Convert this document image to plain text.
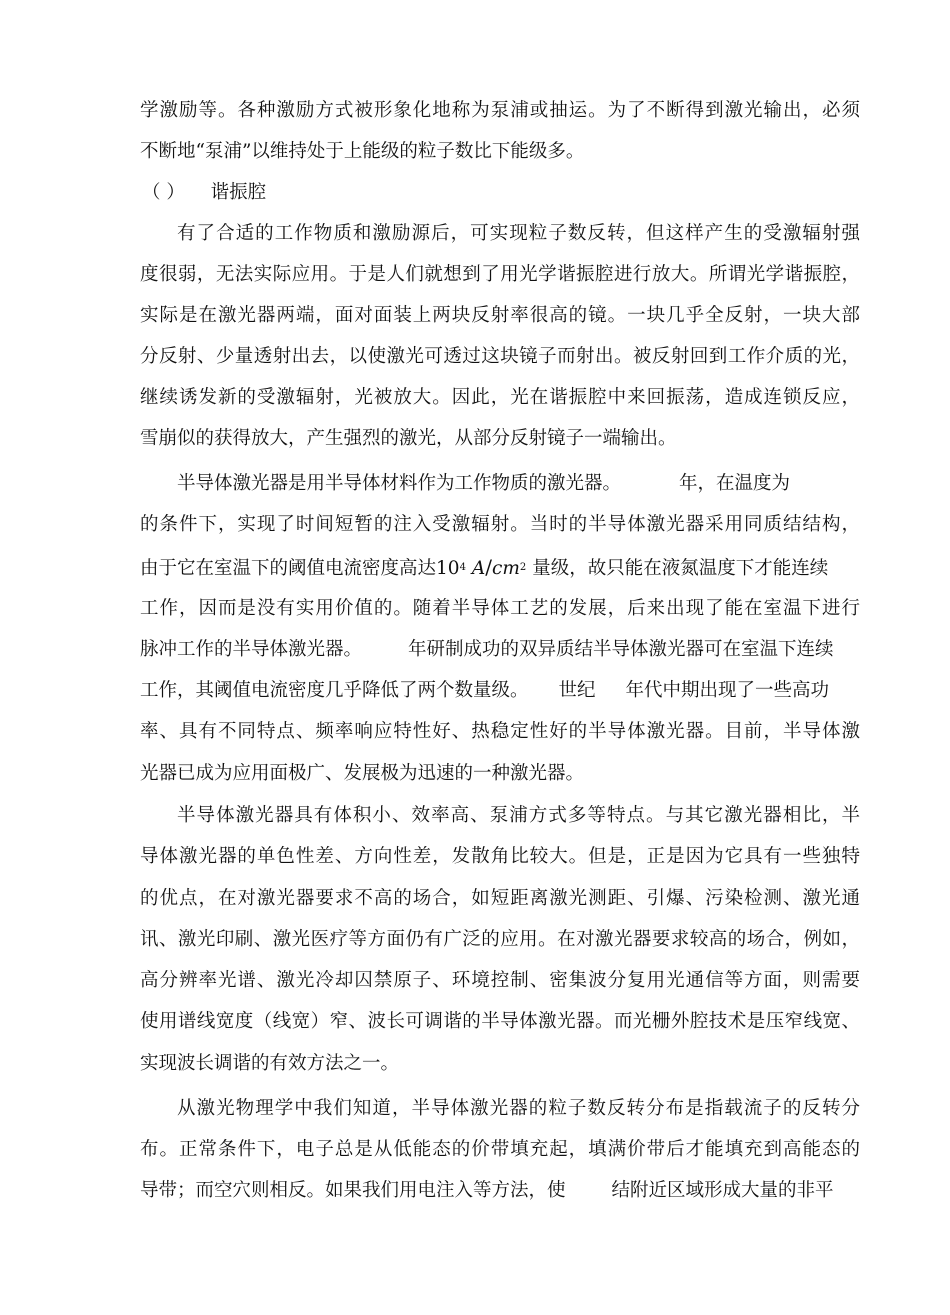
学激励等。各种激励方式被形象化地称为泵浦或抽运。为了不断得到激光输出，必须
不断地“泵浦”以维持处于上能级的粒子数比下能级多。
（ ） 谐振腔
有了合适的工作物质和激励源后，可实现粒子数反转，但这样产生的受激辐射强
度很弱，无法实际应用。于是人们就想到了用光学谐振腔进行放大。所谓光学谐振腔，
实际是在激光器两端，面对面装上两块反射率很高的镜。一块几乎全反射，一块大部
分反射、少量透射出去，以使激光可透过这块镜子而射出。被反射回到工作介质的光，
继续诱发新的受激辐射，光被放大。因此，光在谐振腔中来回振荡，造成连锁反应，
雪崩似的获得放大，产生强烈的激光，从部分反射镜子一端输出。
半导体激光器是用半导体材料作为工作物质的激光器。	年，在温度为
的条件下，实现了时间短暂的注入受激辐射。当时的半导体激光器采用同质结结构，
由于它在室温下的阈值电流密度高达$10^4$ $A/cm^2$ 量级，故只能在液氮温度下才能连续
工作，因而是没有实用价值的。随着半导体工艺的发展，后来出现了能在室温下进行
脉冲工作的半导体激光器。 年研制成功的双异质结半导体激光器可在室温下连续
工作，其阈值电流密度几乎降低了两个数量级。 世纪 年代中期出现了一些高功
率、具有不同特点、频率响应特性好、热稳定性好的半导体激光器。目前，半导体激
光器已成为应用面极广、发展极为迅速的一种激光器。
半导体激光器具有体积小、效率高、泵浦方式多等特点。与其它激光器相比，半
导体激光器的单色性差、方向性差，发散角比较大。但是，正是因为它具有一些独特
的优点，在对激光器要求不高的场合，如短距离激光测距、引爆、污染检测、激光通
讯、激光印刷、激光医疗等方面仍有广泛的应用。在对激光器要求较高的场合，例如，
高分辨率光谱、激光冷却囚禁原子、环境控制、密集波分复用光通信等方面，则需要
使用谱线宽度（线宽）窄、波长可调谐的半导体激光器。而光栅外腔技术是压窄线宽、
实现波长调谐的有效方法之一。
从激光物理学中我们知道，半导体激光器的粒子数反转分布是指载流子的反转分
布。正常条件下，电子总是从低能态的价带填充起，填满价带后才能填充到高能态的
导带；而空穴则相反。如果我们用电注入等方法，使 结附近区域形成大量的非平
